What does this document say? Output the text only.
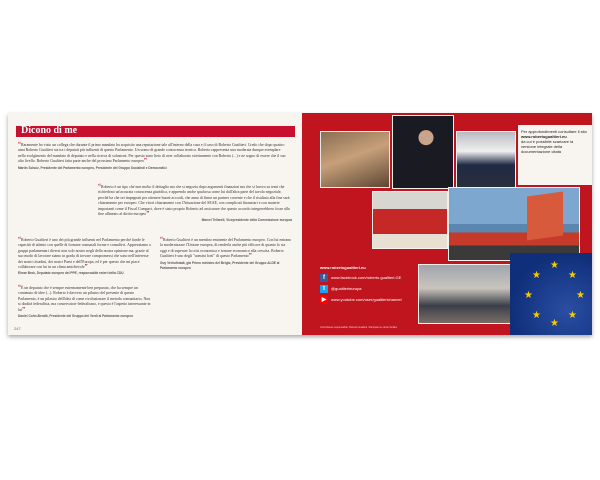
Dicono di me
“Raramente ho visto un collega che durante il primo mandato ha acquisito una reputazione tale all'interno della casa e il caso di Roberto Gualtieri. Credo che dopo quattro anni Roberto Gualtieri sia tra i deputati più influenti di questo Parlamento. Un uomo di grande conoscenza tecnica. Roberto rappresenta una moderata dunque esemplare nello svolgimento del mandato di deputato e nella ricerca di soluzioni. Per questo sono lieto di aver collaborato strettamente con Roberto (...) e ne sogno di essere che il suo alto livello. Roberto Gualtieri fatta parte anche del prossimo Parlamento europeo”
Martin Schulz, Presidente del Parlamento europeo, Presidente del Gruppo Socialisti e Democratici
“Roberto è un tipo che non molto il dettaglio ma che si negozia dopo argomenti finanziari ma che si lavoro su temi che richiedono un'accurata conoscenza giuridica, e apprendo anche qualcosa come lui dall'altra parte del tavolo negoziale, perché ha che sei impegnati per ottenere buoni accordi, che anno di firme un partner corrente e che il risultato alla fine sarà chiaramente per europeo. Che vitori chiaramente con l'Attuazione del SEAE, con complicati finanziari e con materie importanti come il Fiscal Compact, dove è stato proprio Roberto ad assicurare che questo accordo integrerebbero fosse alla fine allineato al diritto europeo”
Marcel Tellarell, Vicepresidente della Commissione europea
“Roberto Gualtieri è uno dei più grande influenti nel Parlamento perché fonde le capacità di talento con quelle di formare comunali forme e consultivi. Apprezziamo a gruppi parlamentari diversi non solo nostro negli della nostra opinione ma, grazie al suo modo di lavorare siamo in grado di trovare compromessi che sono nell'interesse dei nostri cittadini, dei nostri Paesi e dell'Europa, ed è per questo che mi piace collaborare con lui in un clima amichevole”
Elmar Brok, Deputato europeo del PPE, responsabile esteri della CDU
“È un deputato che è sempre estremamente ben preparato, che ha sempre un contenuto di idee (...). Roberto è davvero un pilastro del presente di questo Parlamento, è un pilastro dell'idea di come rivoluzionare il metodo comunitario. Non si disdirà federalista, ma conservatori-federalismo, e questo è l'aspetto interessante in lui”
Daniel Cohn-Bendit, Presidente del Gruppo dei Verdi al Parlamento europeo
“Roberto Gualtieri è un membro eminente del Parlamento europeo. Con lui entrano la modernizzare l'Unione europea, di renderla anche più efficace di quanto lo sia oggi e di superare la crisi economica e tornare economico alla crescita. Roberto Gualtieri è uno degli "uomini forti" di questo Parlamento”
Guy Verhofstadt, già Primo ministro del Belgio, Presidente del Gruppo ALDE al Parlamento europeo
247
★
★
★
★
★
★
★
★
Per approfondimenti consultare il sito
www.robertogualtieri.eu
da cui è possibile scaricare la versione integrale della documentazione citata
www.robertogualtieri.eu
f	www.facebook.com/roberto.gualtieri.GE
t	@gualtierieuropa
▶	www.youtube.com/user/gualtierichannel
Committente responsabile: Roberto Gualtieri. Stampato su carta riciclata.
